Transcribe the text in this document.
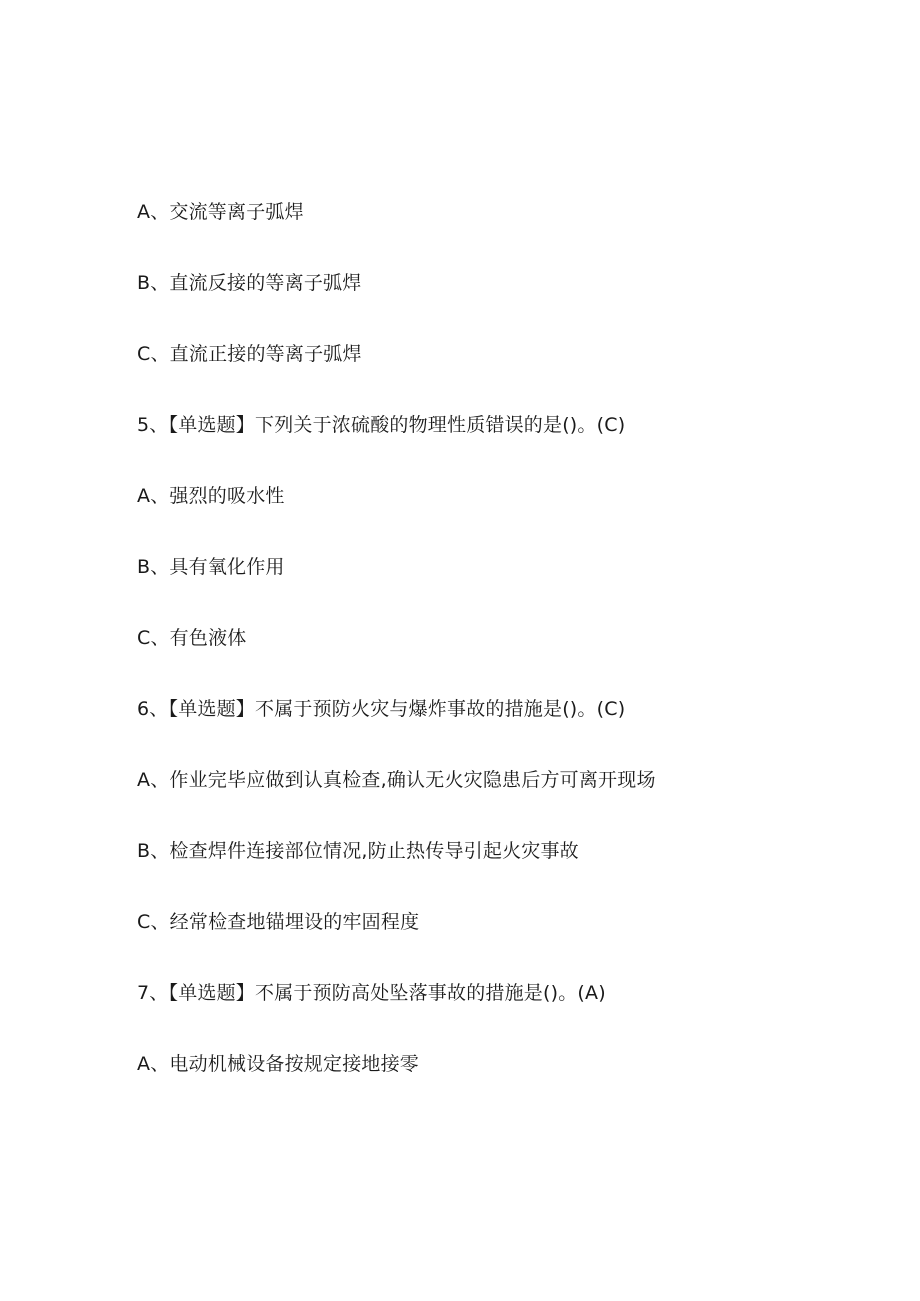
A、交流等离子弧焊
B、直流反接的等离子弧焊
C、直流正接的等离子弧焊
5、【单选题】下列关于浓硫酸的物理性质错误的是()。(C)
A、强烈的吸水性
B、具有氧化作用
C、有色液体
6、【单选题】不属于预防火灾与爆炸事故的措施是()。(C)
A、作业完毕应做到认真检查,确认无火灾隐患后方可离开现场
B、检查焊件连接部位情况,防止热传导引起火灾事故
C、经常检查地锚埋设的牢固程度
7、【单选题】不属于预防高处坠落事故的措施是()。(A)
A、电动机械设备按规定接地接零
